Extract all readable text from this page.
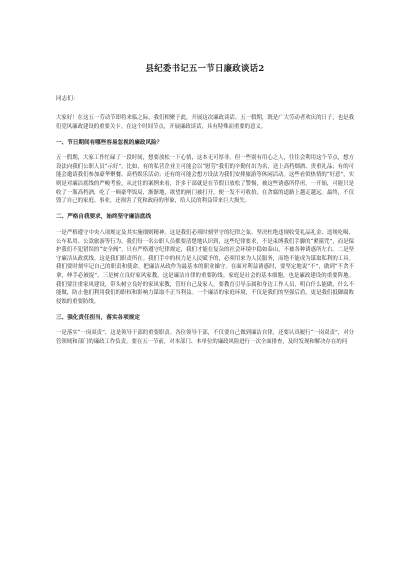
县纪委书记五一节日廉政谈话2

同志们：

大家好！在这五一劳动节即将来临之际，我们相聚于此，开展这次廉政谈话。五一假期，既是广大劳动者欢庆的日子，也是我们党风廉政建设的重要关卡。在这个时间节点，开展廉政谈话，具有特殊而重要的意义。

一、节日期间有哪些容易忽视的廉政风险？

五一假期，大家工作忙碌了一段时间，想要放松一下心情，这本无可厚非。但一些别有用心之人，往往会利用这个节点，想方设法向我们公职人员“示好”。比如，有的私营企业主可能会以“慰劳”我们的辛勤付出为名，送上高档烟酒、贵重礼品；有的可能会邀请我们参加豪华聚餐、高档娱乐活动；还有的可能会想方设法为我们安排旅游等休闲活动。这些看似热情的“好意”，实则是对廉洁底线的严峻考验。从过往的案例来看，许多干部就是在节假日放松了警惕，被这些诱惑所俘虏。一开始，可能只是收了一瓶高档酒，吃了一顿豪华饭局，渐渐地，欲望的闸门被打开，便一发不可收拾，在贪腐的道路上越走越远。最终，不仅毁了自己的家庭、事业，还损害了党和政府的形象，给人民的利益带来巨大损失。

二、严格自我要求，始终坚守廉洁底线

一是严格遵守中央八项规定及其实施细则精神。这是我们必须时刻坚守的纪律之弦。坚决杜绝违规收受礼品礼金、违规吃喝、公车私用、公款旅游等行为。我们每一名公职人员都要清楚地认识到，这些纪律要求，不是束缚我们手脚的“紧箍咒”，而是保护我们不犯错误的“安全阀”。只有严格遵守纪律规定，我们才能在复杂的社会环境中稳如泰山，不被各种诱惑所左右。二是坚守廉洁从政底线。这是我们职责所在。我们手中的权力是人民赋予的，必须用来为人民服务，而绝不能成为谋取私利的工具。我们要时刻牢记自己的职责和使命，把廉洁从政作为最基本的职业操守。在面对利益诱惑时，要坚定地说“不”，做到“不贪不拿，伸手必被捉”。三是树立良好家风家教。这是廉洁自律的重要防线。家庭是社会的基本细胞，也是廉政建设的重要阵地。我们要注重家风建设，带头树立良好的家风家教，管好自己及家人，要教育引导亲属和身边工作人员，明白什么能做，什么不能做，防止他们利用我们的职权和影响力谋取不正当利益。一个廉洁的家庭环境，不仅是我们的坚强后盾，更是我们抵御腐败侵蚀的重要防线。

三、强化责任担当，落实各项规定

一是落实“一岗双责”，这是领导干部的重要职责。各位领导干部，不仅要自己做到廉洁自律，还要认真履行“一岗双责”，对分管领域和部门的廉政工作负责。要在五一节前，对本部门、本单位的廉政风险进行一次全面排查，及时发现和解决存在的问
